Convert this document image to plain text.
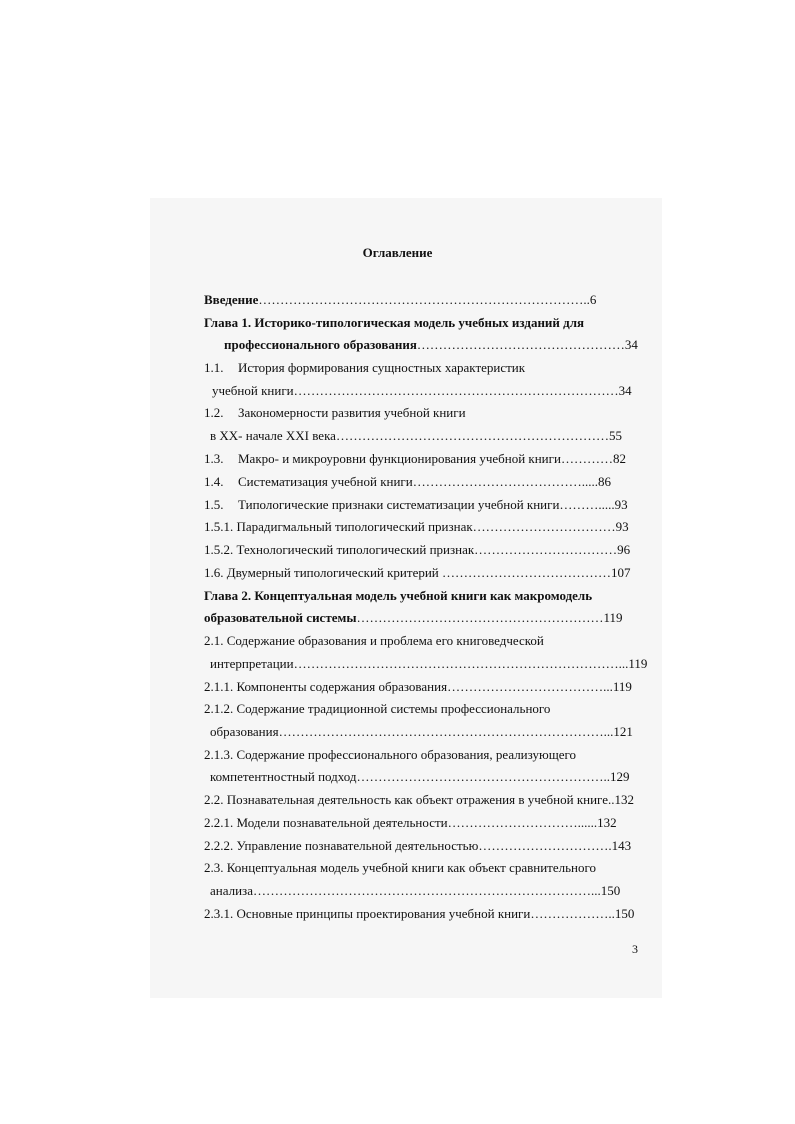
Оглавление
Введение…………………………………………………………………..6
Глава 1. Историко-типологическая модель учебных изданий для
профессионального образования…………………………………………34
1.1. История формирования сущностных характеристик
учебной книги…………………………………………………………………34
1.2. Закономерности развития учебной книги
в XX- начале XXI века………………………………………………………55
1.3. Макро- и микроуровни функционирования учебной книги…………82
1.4. Систематизация учебной книги………………………………….....86
1.5. Типологические признаки систематизации учебной книги……….....93
1.5.1. Парадигмальный типологический признак……………………………93
1.5.2. Технологический типологический признак……………………………96
1.6. Двумерный типологический критерий …………………………………107
Глава 2. Концептуальная модель учебной книги как макромодель
образовательной системы…………………………………………………119
2.1. Содержание образования и проблема его книговедческой
интерпретации…………………………………………………………………...119
2.1.1. Компоненты содержания образования………………………………...119
2.1.2. Содержание традиционной системы профессионального
образования…………………………………………………………………...121
2.1.3. Содержание профессионального образования, реализующего
компетентностный подход…………………………………………………..129
2.2. Познавательная деятельность как объект отражения в учебной книге..132
2.2.1. Модели познавательной деятельности…………………………......132
2.2.2. Управление познавательной деятельностью………………………….143
2.3. Концептуальная модель учебной книги как объект сравнительного
анализа……………………………………………………………………...150
2.3.1. Основные принципы проектирования учебной книги………………..150
3
